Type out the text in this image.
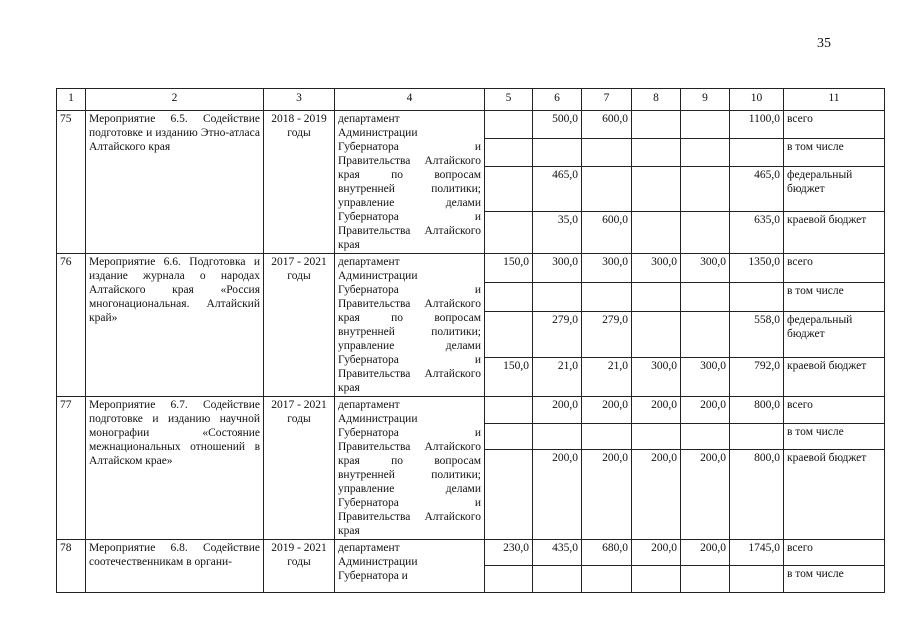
35
1	2	3	4	5	6	7	8	9	10	11
75	Мероприятие 6.5. Содействие подготовке и изданию Этно-атласа Алтайского края	2018 - 2019 годы	департамент Администрации Губернатора и Правительства Алтайского края по вопросам внутренней политики; управление делами Губернатора и Правительства Алтайского края		500,0	600,0			1100,0	всего
										в том числе
					465,0				465,0	федеральный бюджет
					35,0	600,0			635,0	краевой бюджет
76	Мероприятие 6.6. Подготовка и издание журнала о народах Алтайского края «Россия многонациональная. Алтайский край»	2017 - 2021 годы	департамент Администрации Губернатора и Правительства Алтайского края по вопросам внутренней политики; управление делами Губернатора и Правительства Алтайского края	150,0	300,0	300,0	300,0	300,0	1350,0	всего
										в том числе
					279,0	279,0			558,0	федеральный бюджет
				150,0	21,0	21,0	300,0	300,0	792,0	краевой бюджет
77	Мероприятие 6.7. Содействие подготовке и изданию научной монографии «Состояние межнациональных отношений в Алтайском крае»	2017 - 2021 годы	департамент Администрации Губернатора и Правительства Алтайского края по вопросам внутренней политики; управление делами Губернатора и Правительства Алтайского края		200,0	200,0	200,0	200,0	800,0	всего
										в том числе
					200,0	200,0	200,0	200,0	800,0	краевой бюджет
78	Мероприятие 6.8. Содействие соотечественникам в органи-	2019 - 2021 годы	департамент Администрации Губернатора и	230,0	435,0	680,0	200,0	200,0	1745,0	всего
										в том числе
